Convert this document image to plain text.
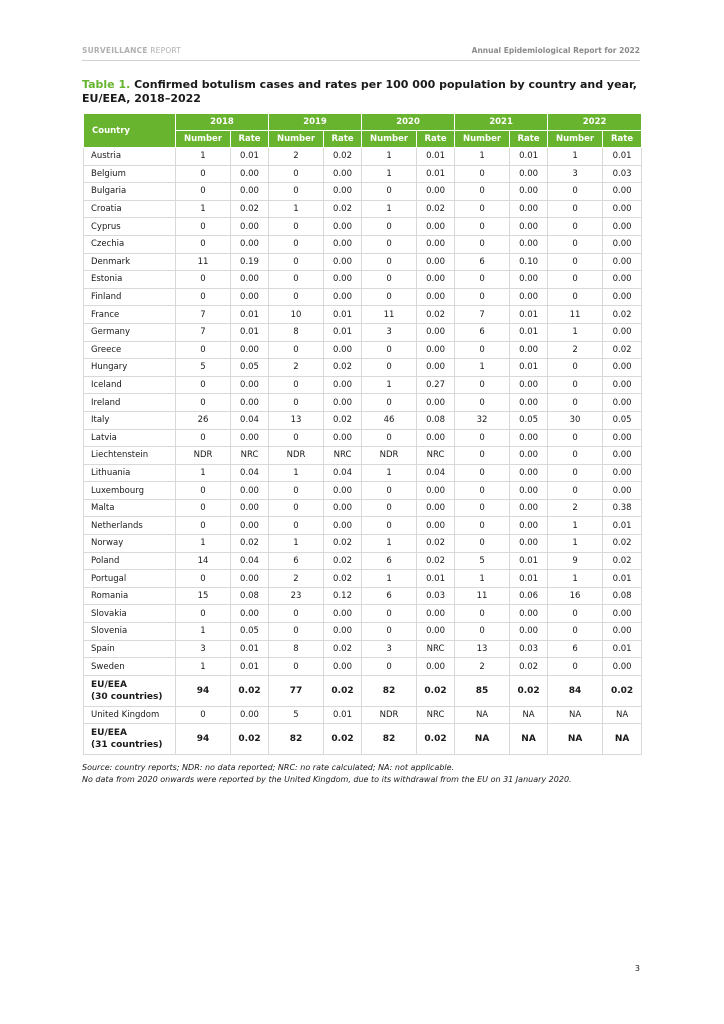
SURVEILLANCE REPORT	Annual Epidemiological Report for 2022
Table 1. Confirmed botulism cases and rates per 100 000 population by country and year, EU/EEA, 2018–2022
Country	2018		2019		2020		2021		2022	
	Number	Rate	Number	Rate	Number	Rate	Number	Rate	Number	Rate
Austria	1	0.01	2	0.02	1	0.01	1	0.01	1	0.01
Belgium	0	0.00	0	0.00	1	0.01	0	0.00	3	0.03
Bulgaria	0	0.00	0	0.00	0	0.00	0	0.00	0	0.00
Croatia	1	0.02	1	0.02	1	0.02	0	0.00	0	0.00
Cyprus	0	0.00	0	0.00	0	0.00	0	0.00	0	0.00
Czechia	0	0.00	0	0.00	0	0.00	0	0.00	0	0.00
Denmark	11	0.19	0	0.00	0	0.00	6	0.10	0	0.00
Estonia	0	0.00	0	0.00	0	0.00	0	0.00	0	0.00
Finland	0	0.00	0	0.00	0	0.00	0	0.00	0	0.00
France	7	0.01	10	0.01	11	0.02	7	0.01	11	0.02
Germany	7	0.01	8	0.01	3	0.00	6	0.01	1	0.00
Greece	0	0.00	0	0.00	0	0.00	0	0.00	2	0.02
Hungary	5	0.05	2	0.02	0	0.00	1	0.01	0	0.00
Iceland	0	0.00	0	0.00	1	0.27	0	0.00	0	0.00
Ireland	0	0.00	0	0.00	0	0.00	0	0.00	0	0.00
Italy	26	0.04	13	0.02	46	0.08	32	0.05	30	0.05
Latvia	0	0.00	0	0.00	0	0.00	0	0.00	0	0.00
Liechtenstein	NDR	NRC	NDR	NRC	NDR	NRC	0	0.00	0	0.00
Lithuania	1	0.04	1	0.04	1	0.04	0	0.00	0	0.00
Luxembourg	0	0.00	0	0.00	0	0.00	0	0.00	0	0.00
Malta	0	0.00	0	0.00	0	0.00	0	0.00	2	0.38
Netherlands	0	0.00	0	0.00	0	0.00	0	0.00	1	0.01
Norway	1	0.02	1	0.02	1	0.02	0	0.00	1	0.02
Poland	14	0.04	6	0.02	6	0.02	5	0.01	9	0.02
Portugal	0	0.00	2	0.02	1	0.01	1	0.01	1	0.01
Romania	15	0.08	23	0.12	6	0.03	11	0.06	16	0.08
Slovakia	0	0.00	0	0.00	0	0.00	0	0.00	0	0.00
Slovenia	1	0.05	0	0.00	0	0.00	0	0.00	0	0.00
Spain	3	0.01	8	0.02	3	NRC	13	0.03	6	0.01
Sweden	1	0.01	0	0.00	0	0.00	2	0.02	0	0.00

EU/EEA
(30 countries)	94	0.02	77	0.02	82	0.02	85	0.02	84	0.02
United Kingdom	0	0.00	5	0.01	NDR	NRC	NA	NA	NA	NA

EU/EEA
(31 countries)	94	0.02	82	0.02	82	0.02	NA	NA	NA	NA
Source: country reports; NDR: no data reported; NRC: no rate calculated; NA: not applicable.
No data from 2020 onwards were reported by the United Kingdom, due to its withdrawal from the EU on 31 January 2020.
3
